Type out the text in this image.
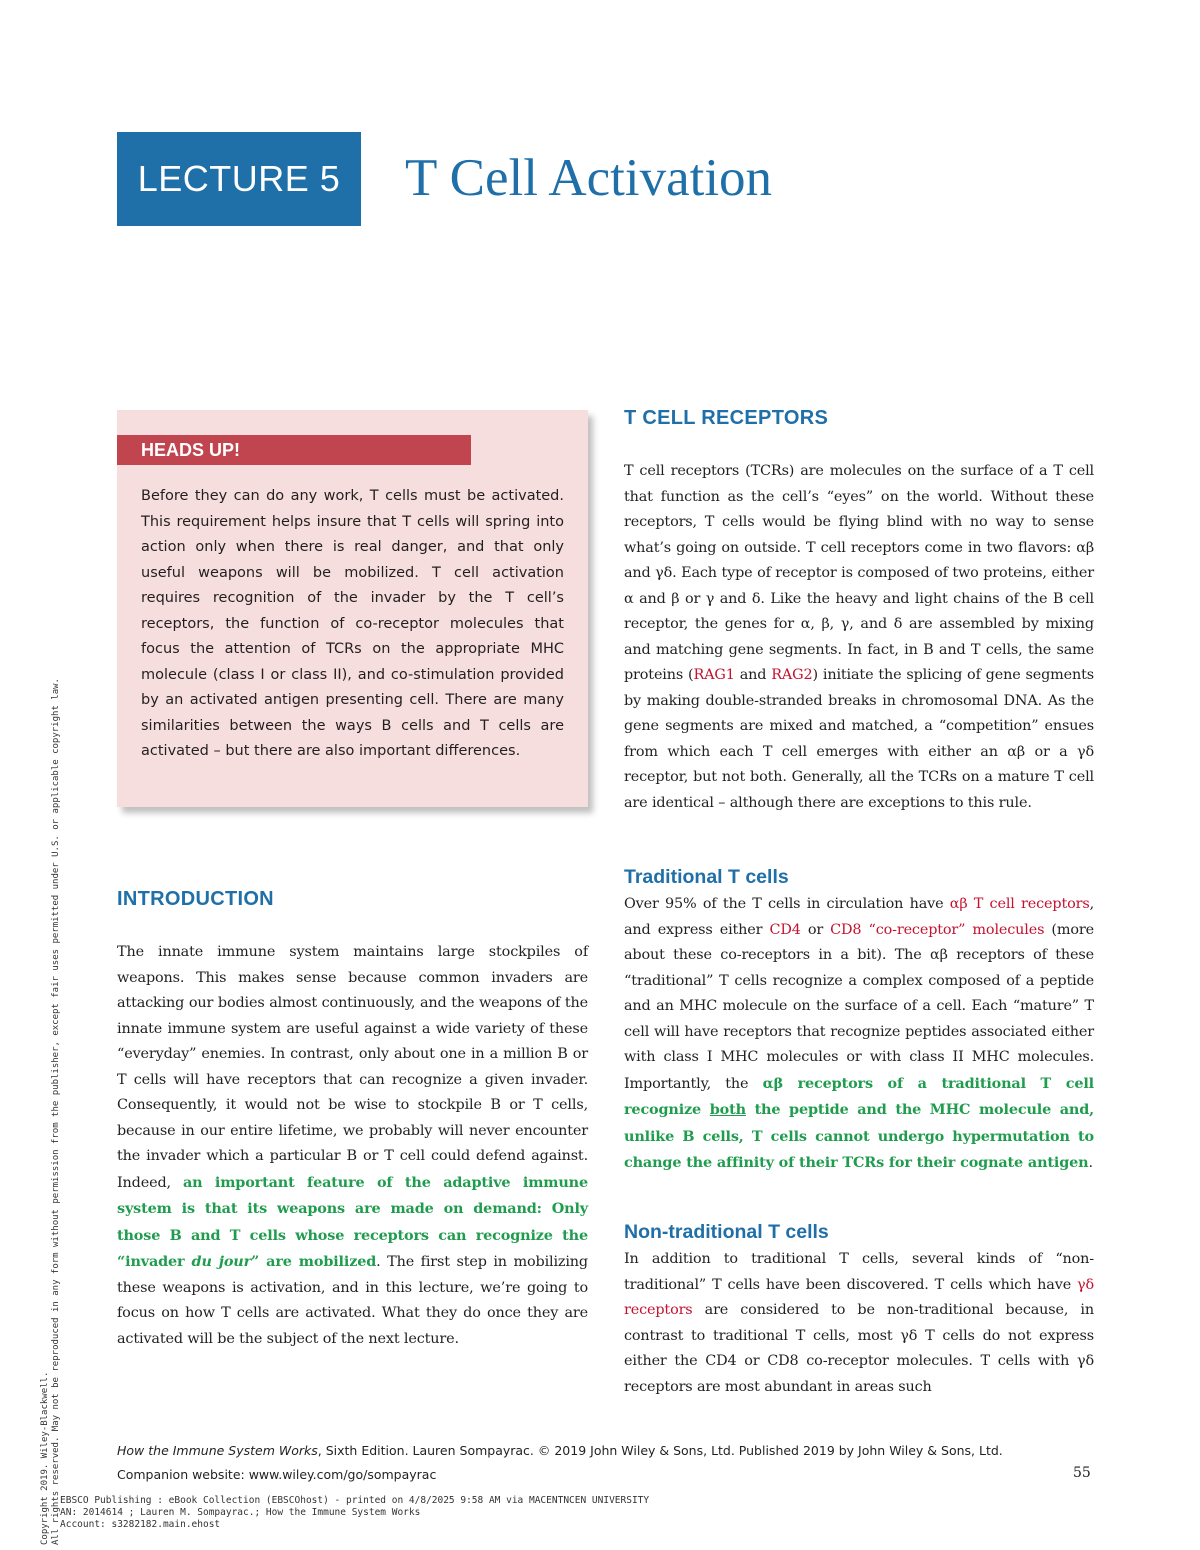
LECTURE 5 T Cell Activation
Copyright 2019. Wiley-Blackwell. All rights reserved. May not be reproduced in any form without permission from the publisher, except fair uses permitted under U.S. or applicable copyright law.
HEADS UP!

Before they can do any work, T cells must be activated. This requirement helps insure that T cells will spring into action only when there is real danger, and that only useful weapons will be mobilized. T cell activation requires recognition of the invader by the T cell’s receptors, the function of co-receptor molecules that focus the attention of TCRs on the appropriate MHC molecule (class I or class II), and co-stimulation provided by an activated antigen presenting cell. There are many similarities between the ways B cells and T cells are activated – but there are also important differences.

INTRODUCTION

The innate immune system maintains large stockpiles of weapons. This makes sense because common invaders are attacking our bodies almost continuously, and the weapons of the innate immune system are useful against a wide variety of these “everyday” enemies. In contrast, only about one in a million B or T cells will have receptors that can recognize a given invader. Consequently, it would not be wise to stockpile B or T cells, because in our entire lifetime, we probably will never encounter the invader which a particular B or T cell could defend against. Indeed, an important feature of the adaptive immune system is that its weapons are made on demand: Only those B and T cells whose receptors can recognize the “invader du jour” are mobilized. The first step in mobilizing these weapons is activation, and in this lecture, we’re going to focus on how T cells are activated. What they do once they are activated will be the subject of the next lecture.

T CELL RECEPTORS

T cell receptors (TCRs) are molecules on the surface of a T cell that function as the cell’s “eyes” on the world. Without these receptors, T cells would be flying blind with no way to sense what’s going on outside. T cell receptors come in two flavors: αβ and γδ. Each type of receptor is composed of two proteins, either α and β or γ and δ. Like the heavy and light chains of the B cell receptor, the genes for α, β, γ, and δ are assembled by mixing and matching gene segments. In fact, in B and T cells, the same proteins (RAG1 and RAG2) initiate the splicing of gene segments by making double-stranded breaks in chromosomal DNA. As the gene segments are mixed and matched, a “competition” ensues from which each T cell emerges with either an αβ or a γδ receptor, but not both. Generally, all the TCRs on a mature T cell are identical – although there are exceptions to this rule.

Traditional T cells

Over 95% of the T cells in circulation have αβ T cell receptors, and express either CD4 or CD8 “co-receptor” molecules (more about these co-receptors in a bit). The αβ receptors of these “traditional” T cells recognize a complex composed of a peptide and an MHC molecule on the surface of a cell. Each “mature” T cell will have receptors that recognize peptides associated either with class I MHC molecules or with class II MHC molecules. Importantly, the αβ receptors of a traditional T cell recognize both the peptide and the MHC molecule and, unlike B cells, T cells cannot undergo hypermutation to change the affinity of their TCRs for their cognate antigen.

Non-traditional T cells

In addition to traditional T cells, several kinds of “non-traditional” T cells have been discovered. T cells which have γδ receptors are considered to be non-traditional because, in contrast to traditional T cells, most γδ T cells do not express either the CD4 or CD8 co-receptor molecules. T cells with γδ receptors are most abundant in areas such

How the Immune System Works, Sixth Edition. Lauren Sompayrac. © 2019 John Wiley & Sons, Ltd. Published 2019 by John Wiley & Sons, Ltd.
Companion website: www.wiley.com/go/sompayrac	55
EBSCO Publishing : eBook Collection (EBSCOhost) - printed on 4/8/2025 9:58 AM via MACENTNCEN UNIVERSITY
AN: 2014614 ; Lauren M. Sompayrac.; How the Immune System Works
Account: s3282182.main.ehost
